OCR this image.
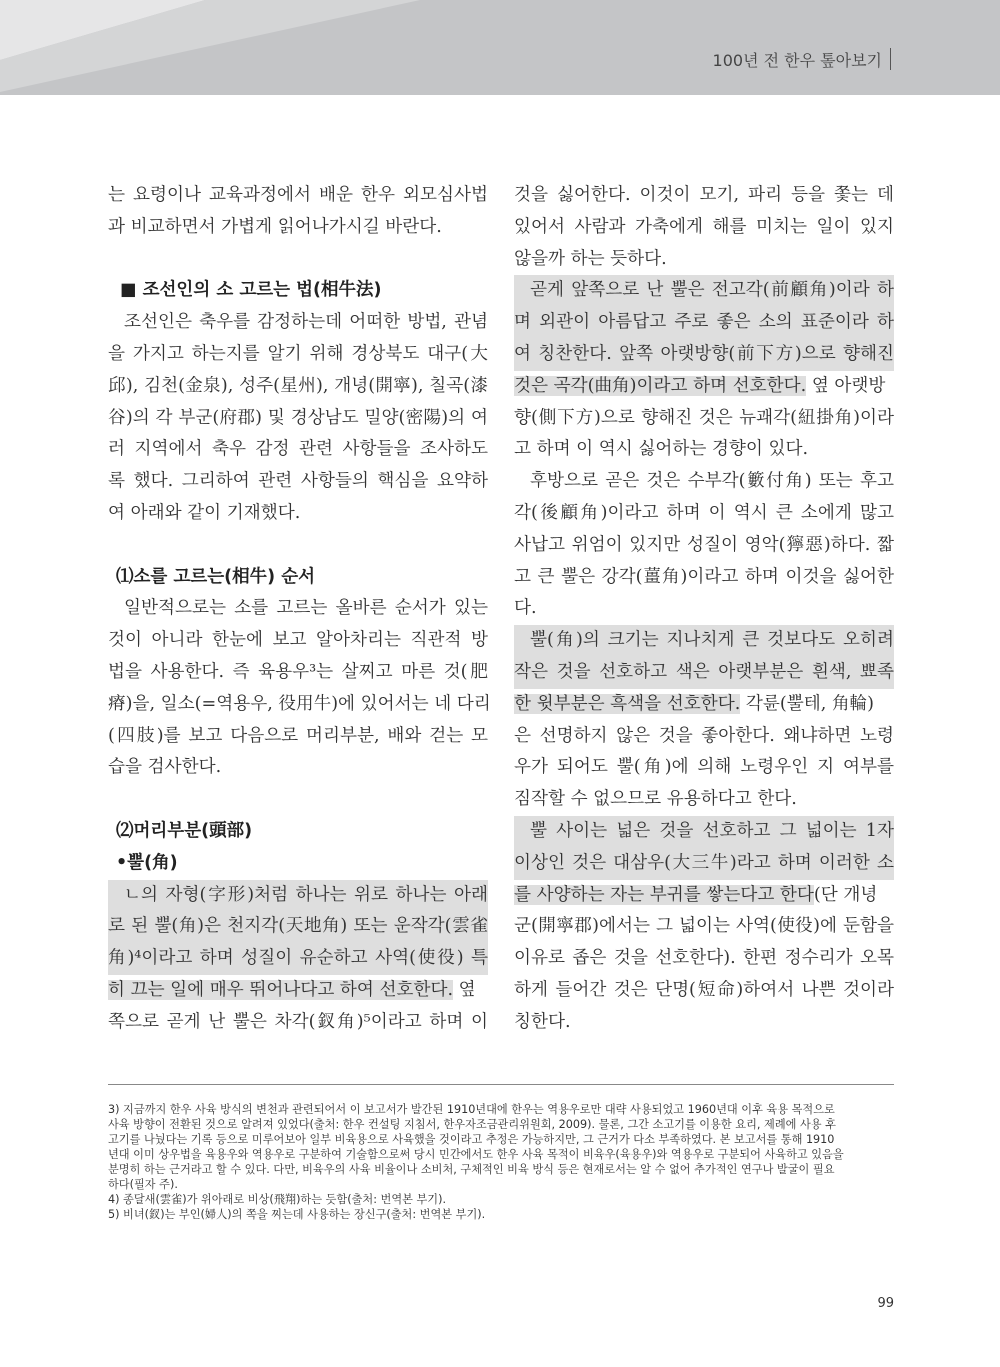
100년 전 한우 톺아보기
는 요령이나 교육과정에서 배운 한우 외모심사법
과 비교하면서 가볍게 읽어나가시길 바란다.
■ 조선인의 소 고르는 법(相牛法)
조선인은 축우를 감정하는데 어떠한 방법, 관념
을 가지고 하는지를 알기 위해 경상북도 대구(大
邱), 김천(金泉), 성주(星州), 개녕(開寧), 칠곡(漆
谷)의 각 부군(府郡) 및 경상남도 밀양(密陽)의 여
러 지역에서 축우 감정 관련 사항들을 조사하도
록 했다. 그리하여 관련 사항들의 핵심을 요약하
여 아래와 같이 기재했다.
⑴소를 고르는(相牛) 순서
일반적으로는 소를 고르는 올바른 순서가 있는
것이 아니라 한눈에 보고 알아차리는 직관적 방
법을 사용한다. 즉 육용우³는 살찌고 마른 것(肥
瘠)을, 일소(=역용우, 役用牛)에 있어서는 네 다리
(四肢)를 보고 다음으로 머리부분, 배와 걷는 모
습을 검사한다.
⑵머리부분(頭部)
•뿔(角)
ㄴ의 자형(字形)처럼 하나는 위로 하나는 아래
로 된 뿔(角)은 천지각(天地角) 또는 운작각(雲雀
角)⁴이라고 하며 성질이 유순하고 사역(使役) 특
히 끄는 일에 매우 뛰어나다고 하여 선호한다. 옆
쪽으로 곧게 난 뿔은 차각(釵角)⁵이라고 하며 이
것을 싫어한다. 이것이 모기, 파리 등을 쫓는 데
있어서 사람과 가축에게 해를 미치는 일이 있지
않을까 하는 듯하다.
곧게 앞쪽으로 난 뿔은 전고각(前顧角)이라 하
며 외관이 아름답고 주로 좋은 소의 표준이라 하
여 칭찬한다. 앞쪽 아랫방향(前下方)으로 향해진
것은 곡각(曲角)이라고 하며 선호한다. 옆 아랫방
향(側下方)으로 향해진 것은 뉴괘각(紐掛角)이라
고 하며 이 역시 싫어하는 경향이 있다.
후방으로 곧은 것은 수부각(籔付角) 또는 후고
각(後顧角)이라고 하며 이 역시 큰 소에게 많고
사납고 위엄이 있지만 성질이 영악(獰惡)하다. 짧
고 큰 뿔은 강각(薑角)이라고 하며 이것을 싫어한
다.
뿔(角)의 크기는 지나치게 큰 것보다도 오히려
작은 것을 선호하고 색은 아랫부분은 흰색, 뾰족
한 윗부분은 흑색을 선호한다. 각륜(뿔테, 角輪)
은 선명하지 않은 것을 좋아한다. 왜냐하면 노령
우가 되어도 뿔(角)에 의해 노령우인 지 여부를
짐작할 수 없으므로 유용하다고 한다.
뿔 사이는 넓은 것을 선호하고 그 넓이는 1자
이상인 것은 대삼우(大三牛)라고 하며 이러한 소
를 사양하는 자는 부귀를 쌓는다고 한다(단 개녕
군(開寧郡)에서는 그 넓이는 사역(使役)에 둔함을
이유로 좁은 것을 선호한다). 한편 정수리가 오목
하게 들어간 것은 단명(短命)하여서 나쁜 것이라
칭한다.
3) 지금까지 한우 사육 방식의 변천과 관련되어서 이 보고서가 발간된 1910년대에 한우는 역용우로만 대략 사용되었고 1960년대 이후 육용 목적으로
사육 방향이 전환된 것으로 알려져 있었다(출처: 한우 컨설팅 지침서, 한우자조금관리위원회, 2009). 물론, 그간 소고기를 이용한 요리, 제례에 사용 후
고기를 나눴다는 기록 등으로 미루어보아 일부 비육용으로 사육했을 것이라고 추정은 가능하지만, 그 근거가 다소 부족하였다. 본 보고서를 통해 1910
년대 이미 상우법을 육용우와 역용우로 구분하여 기술함으로써 당시 민간에서도 한우 사육 목적이 비육우(육용우)와 역용우로 구분되어 사육하고 있음을
분명히 하는 근거라고 할 수 있다. 다만, 비육우의 사육 비율이나 소비처, 구체적인 비육 방식 등은 현재로서는 알 수 없어 추가적인 연구나 발굴이 필요
하다(필자 주).
4) 종달새(雲雀)가 위아래로 비상(飛翔)하는 듯함(출처: 번역본 부기).
5) 비녀(釵)는 부인(婦人)의 쪽을 찌는데 사용하는 장신구(출처: 번역본 부기).
99
